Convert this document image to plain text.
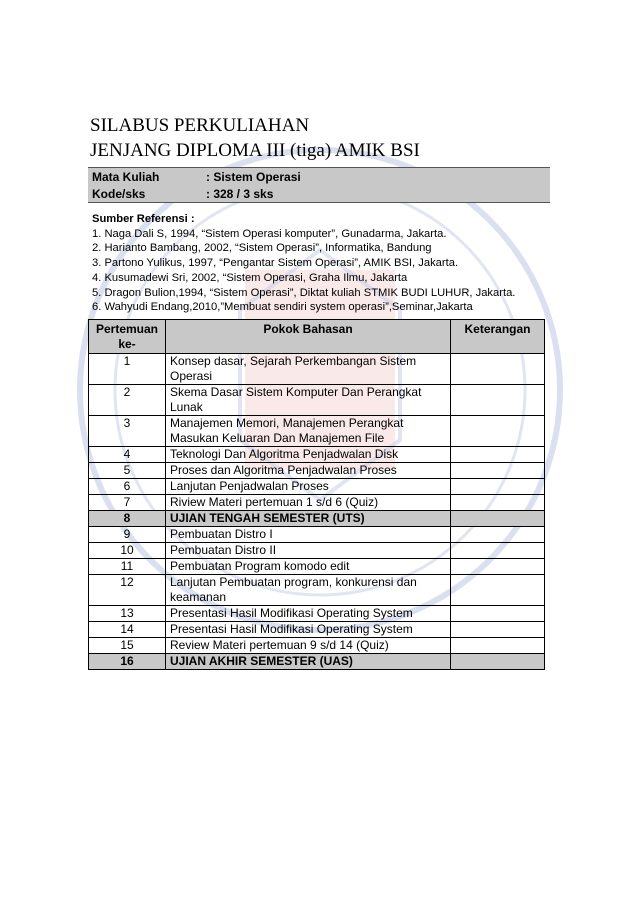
SILABUS PERKULIAHAN
JENJANG DIPLOMA III (tiga) AMIK BSI
Mata Kuliah	: Sistem Operasi
Kode/sks	: 328 / 3 sks
Sumber Referensi :
1. Naga Dali S, 1994, “Sistem Operasi komputer”, Gunadarma, Jakarta.
2. Harianto Bambang, 2002, “Sistem Operasi”, Informatika, Bandung
3. Partono Yulikus, 1997, “Pengantar Sistem Operasi”, AMIK BSI, Jakarta.
4. Kusumadewi Sri, 2002, “Sistem Operasi, Graha Ilmu, Jakarta
5. Dragon Bulion,1994, “Sistem Operasi”, Diktat kuliah STMIK BUDI LUHUR, Jakarta.
6. Wahyudi Endang,2010,”Membuat sendiri system operasi”,Seminar,Jakarta
Pertemuan ke-	Pokok Bahasan	Keterangan
1	Konsep dasar, Sejarah Perkembangan Sistem Operasi	
2	Skema Dasar Sistem Komputer Dan Perangkat Lunak	
3	Manajemen Memori, Manajemen Perangkat Masukan Keluaran Dan Manajemen File	
4	Teknologi Dan Algoritma Penjadwalan Disk	
5	Proses dan Algoritma Penjadwalan Proses	
6	Lanjutan Penjadwalan Proses	
7	Riview Materi pertemuan 1 s/d 6 (Quiz)	
8	UJIAN TENGAH SEMESTER (UTS)	
9	Pembuatan Distro I	
10	Pembuatan Distro II	
11	Pembuatan Program komodo edit	
12	Lanjutan Pembuatan program, konkurensi dan keamanan	
13	Presentasi Hasil Modifikasi Operating System	
14	Presentasi Hasil Modifikasi Operating System	
15	Review Materi pertemuan 9 s/d 14 (Quiz)	
16	UJIAN AKHIR SEMESTER (UAS)	
